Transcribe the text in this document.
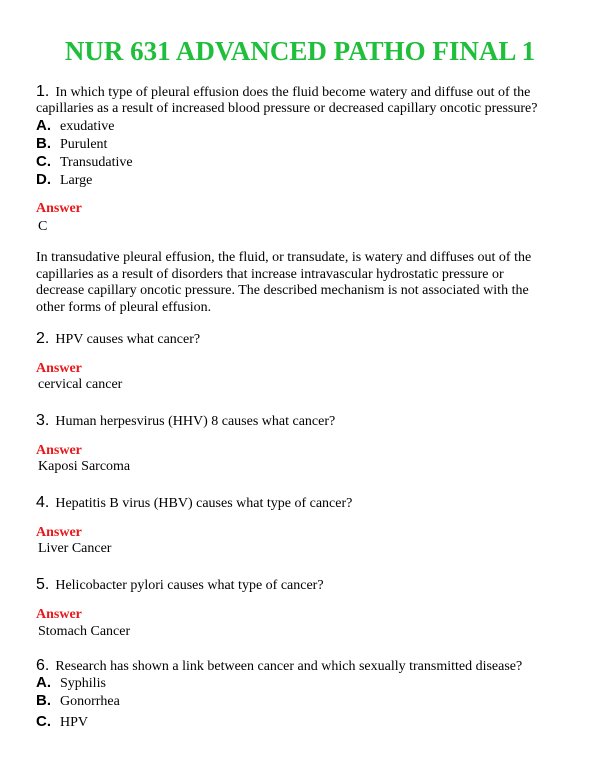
NUR 631 ADVANCED PATHO FINAL 1
1. In which type of pleural effusion does the fluid become watery and diffuse out of the capillaries as a result of increased blood pressure or decreased capillary oncotic pressure?
A. exudative
B. Purulent
C. Transudative
D. Large
Answer
C
In transudative pleural effusion, the fluid, or transudate, is watery and diffuses out of the capillaries as a result of disorders that increase intravascular hydrostatic pressure or decrease capillary oncotic pressure. The described mechanism is not associated with the other forms of pleural effusion.
2. HPV causes what cancer?
Answer
cervical cancer
3. Human herpesvirus (HHV) 8 causes what cancer?
Answer
Kaposi Sarcoma
4. Hepatitis B virus (HBV) causes what type of cancer?
Answer
Liver Cancer
5. Helicobacter pylori causes what type of cancer?
Answer
Stomach Cancer
6. Research has shown a link between cancer and which sexually transmitted disease?
A. Syphilis
B. Gonorrhea
C. HPV
